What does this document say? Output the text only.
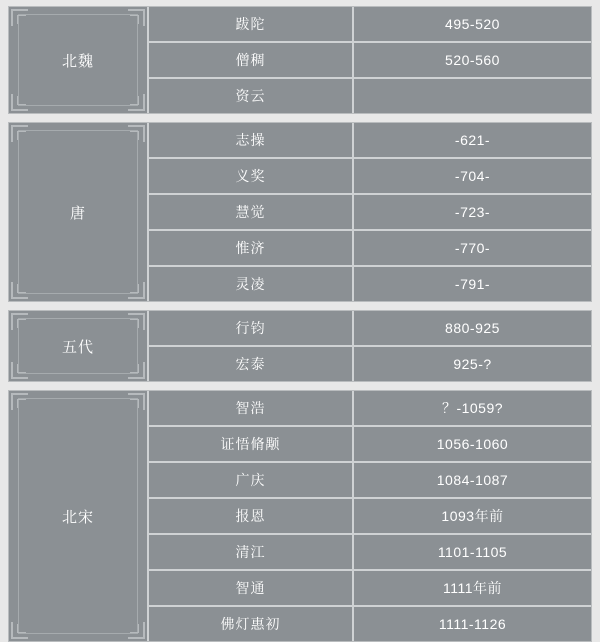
北魏
跋陀	495-520
僧稠	520-560
资云
唐
志操	-621-
义奖	-704-
慧觉	-723-
惟济	-770-
灵凌	-791-
五代
行钧	880-925
宏泰	925-?
北宋
智浩	？-1059?
证悟脩颙	1056-1060
广庆	1084-1087
报恩	1093年前
清江	1101-1105
智通	1111年前
佛灯惠初	1111-1126
